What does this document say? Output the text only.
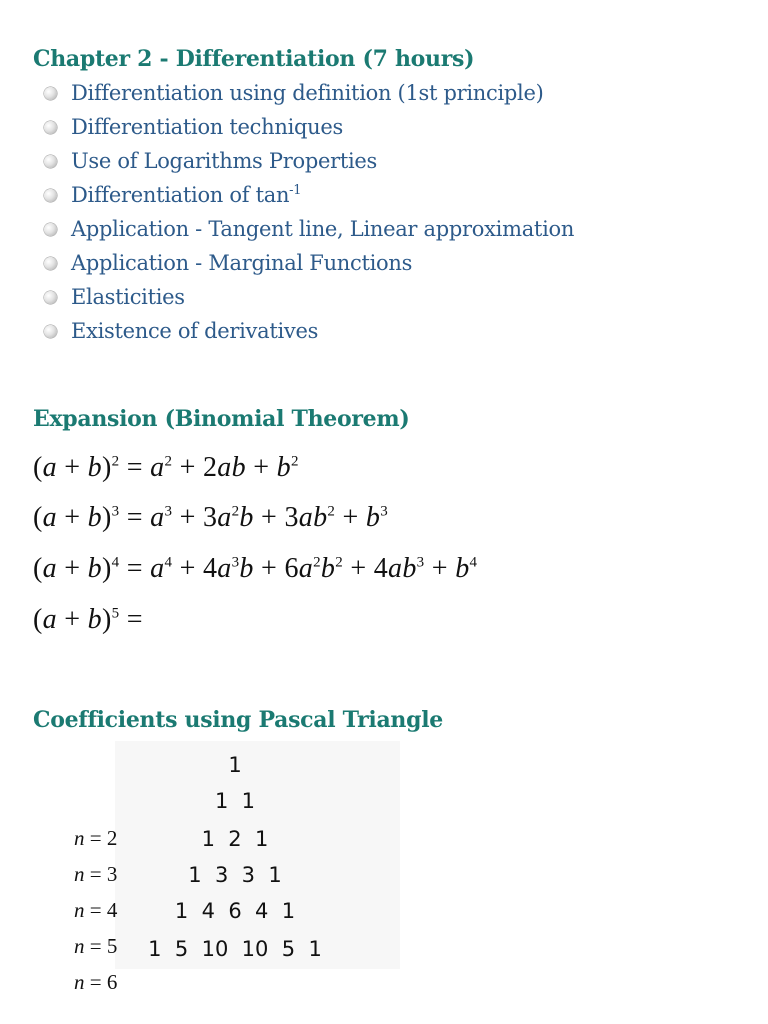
Chapter 2 - Differentiation (7 hours)
Differentiation using definition (1st principle)
Differentiation techniques
Use of Logarithms Properties
Differentiation of $\tan^{-1}$
Application - Tangent line, Linear approximation
Application - Marginal Functions
Elasticities
Existence of derivatives
Expansion (Binomial Theorem)
$(a + b)^2 = a^2 + 2ab + b^2$
$(a + b)^3 = a^3 + 3a^2b + 3ab^2 + b^3$
$(a + b)^4 = a^4 + 4a^3b + 6a^2b^2 + 4ab^3 + b^4$
$(a + b)^5$ =
Coefficients using Pascal Triangle
1
1  1
1  2  1
1  3  3  1
1  4  6  4  1
1  5  10  10  5  1
n = 2
n = 3
n = 4
n = 5
n = 6
